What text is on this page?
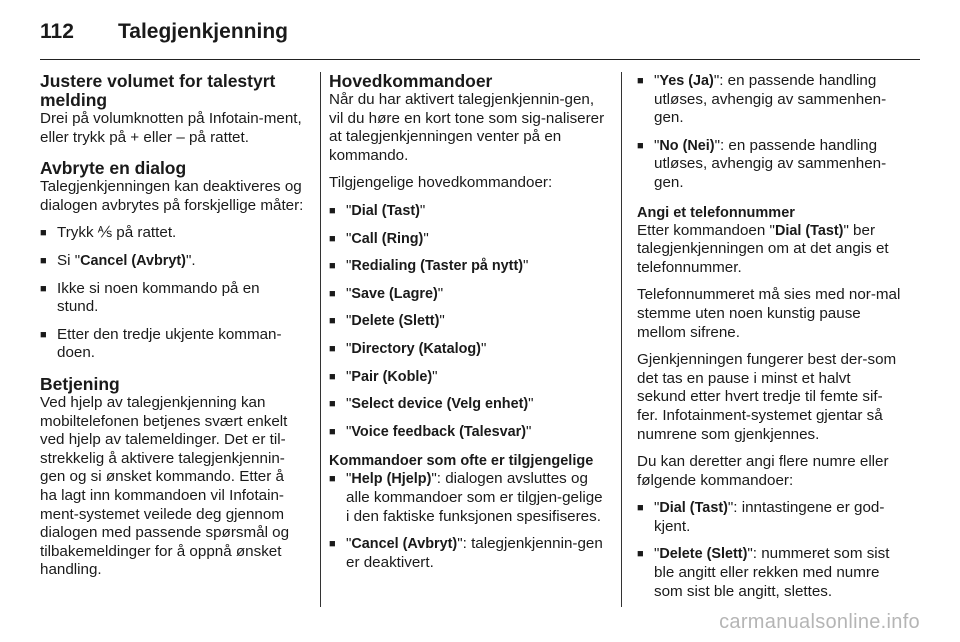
112 Talegjenkjenning
Justere volumet for talestyrt melding

Drei på volumknotten på Infotain-ment, eller trykk på + eller – på rattet.

Avbryte en dialog

Talegjenkjenningen kan deaktiveres og dialogen avbrytes på forskjellige måter:

■ Trykk ⅍ på rattet.
■ Si "Cancel (Avbryt)".
■ Ikke si noen kommando på en stund.
■ Etter den tredje ukjente komman-doen.
Betjening

Ved hjelp av talegjenkjenning kan mobiltelefonen betjenes svært enkelt ved hjelp av talemeldinger. Det er til-strekkelig å aktivere talegjenkjennin-gen og si ønsket kommando. Etter å ha lagt inn kommandoen vil Infotain-ment-systemet veilede deg gjennom dialogen med passende spørsmål og tilbakemeldinger for å oppnå ønsket handling.

Hovedkommandoer

Når du har aktivert talegjenkjennin-gen, vil du høre en kort tone som sig-naliserer at talegjenkjenningen venter på en kommando.

Tilgjengelige hovedkommandoer:

■ "Dial (Tast)"
■ "Call (Ring)"
■ "Redialing (Taster på nytt)"
■ "Save (Lagre)"
■ "Delete (Slett)"
■ "Directory (Katalog)"
■ "Pair (Koble)"
■ "Select device (Velg enhet)"
■ "Voice feedback (Talesvar)"
Kommandoer som ofte er tilgjengelige
■ "Help (Hjelp)": dialogen avsluttes og alle kommandoer som er tilgjen-gelige i den faktiske funksjonen spesifiseres.
■ "Cancel (Avbryt)": talegjenkjennin-gen er deaktivert.
■ "Yes (Ja)": en passende handling utløses, avhengig av sammenhen-gen.
■ "No (Nei)": en passende handling utløses, avhengig av sammenhen-gen.
Angi et telefonnummer

Etter kommandoen "Dial (Tast)" ber talegjenkjenningen om at det angis et telefonnummer.

Telefonnummeret må sies med nor-mal stemme uten noen kunstig pause mellom sifrene.

Gjenkjenningen fungerer best der-som det tas en pause i minst et halvt sekund etter hvert tredje til femte sif-fer. Infotainment-systemet gjentar så numrene som gjenkjennes.

Du kan deretter angi flere numre eller følgende kommandoer:

■ "Dial (Tast)": inntastingene er god-kjent.
■ "Delete (Slett)": nummeret som sist ble angitt eller rekken med numre som sist ble angitt, slettes.
carmanualsonline.info
